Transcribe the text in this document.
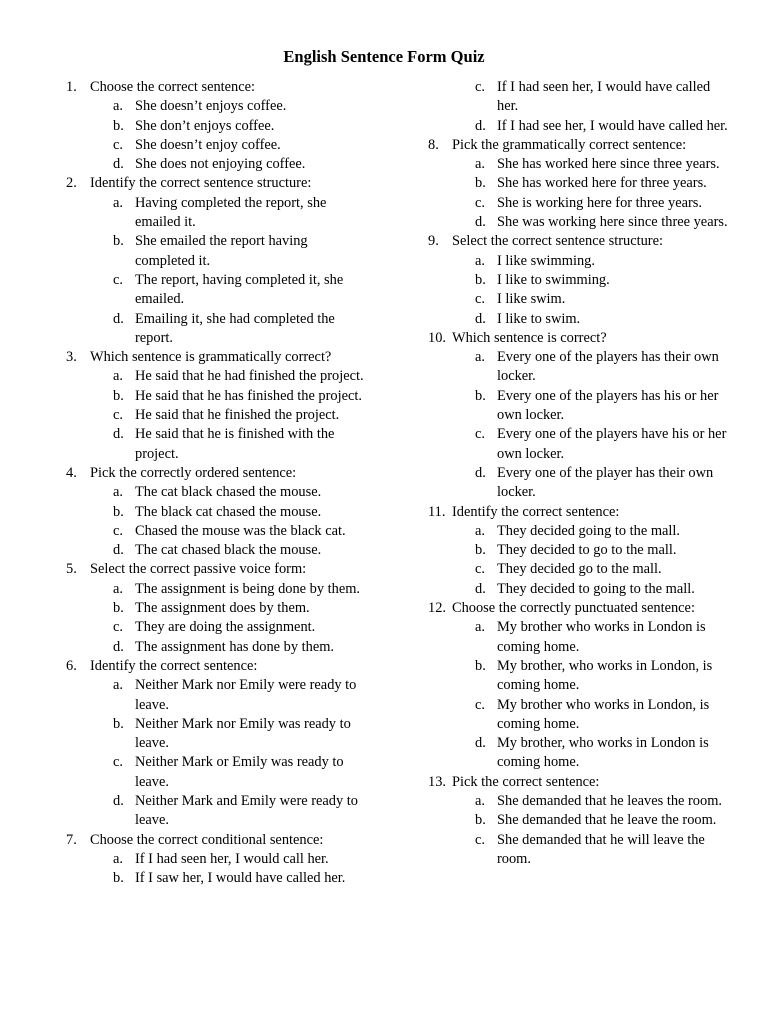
English Sentence Form Quiz
1. Choose the correct sentence:
a. She doesn’t enjoys coffee.
b. She don’t enjoys coffee.
c. She doesn’t enjoy coffee.
d. She does not enjoying coffee.
2. Identify the correct sentence structure:
a. Having completed the report, she emailed it.
b. She emailed the report having completed it.
c. The report, having completed it, she emailed.
d. Emailing it, she had completed the report.
3. Which sentence is grammatically correct?
a. He said that he had finished the project.
b. He said that he has finished the project.
c. He said that he finished the project.
d. He said that he is finished with the project.
4. Pick the correctly ordered sentence:
a. The cat black chased the mouse.
b. The black cat chased the mouse.
c. Chased the mouse was the black cat.
d. The cat chased black the mouse.
5. Select the correct passive voice form:
a. The assignment is being done by them.
b. The assignment does by them.
c. They are doing the assignment.
d. The assignment has done by them.
6. Identify the correct sentence:
a. Neither Mark nor Emily were ready to leave.
b. Neither Mark nor Emily was ready to leave.
c. Neither Mark or Emily was ready to leave.
d. Neither Mark and Emily were ready to leave.
7. Choose the correct conditional sentence:
a. If I had seen her, I would call her.
b. If I saw her, I would have called her.
c. If I had seen her, I would have called her.
d. If I had see her, I would have called her.
8. Pick the grammatically correct sentence:
a. She has worked here since three years.
b. She has worked here for three years.
c. She is working here for three years.
d. She was working here since three years.
9. Select the correct sentence structure:
a. I like swimming.
b. I like to swimming.
c. I like swim.
d. I like to swim.
10. Which sentence is correct?
a. Every one of the players has their own locker.
b. Every one of the players has his or her own locker.
c. Every one of the players have his or her own locker.
d. Every one of the player has their own locker.
11. Identify the correct sentence:
a. They decided going to the mall.
b. They decided to go to the mall.
c. They decided go to the mall.
d. They decided to going to the mall.
12. Choose the correctly punctuated sentence:
a. My brother who works in London is coming home.
b. My brother, who works in London, is coming home.
c. My brother who works in London, is coming home.
d. My brother, who works in London is coming home.
13. Pick the correct sentence:
a. She demanded that he leaves the room.
b. She demanded that he leave the room.
c. She demanded that he will leave the room.
